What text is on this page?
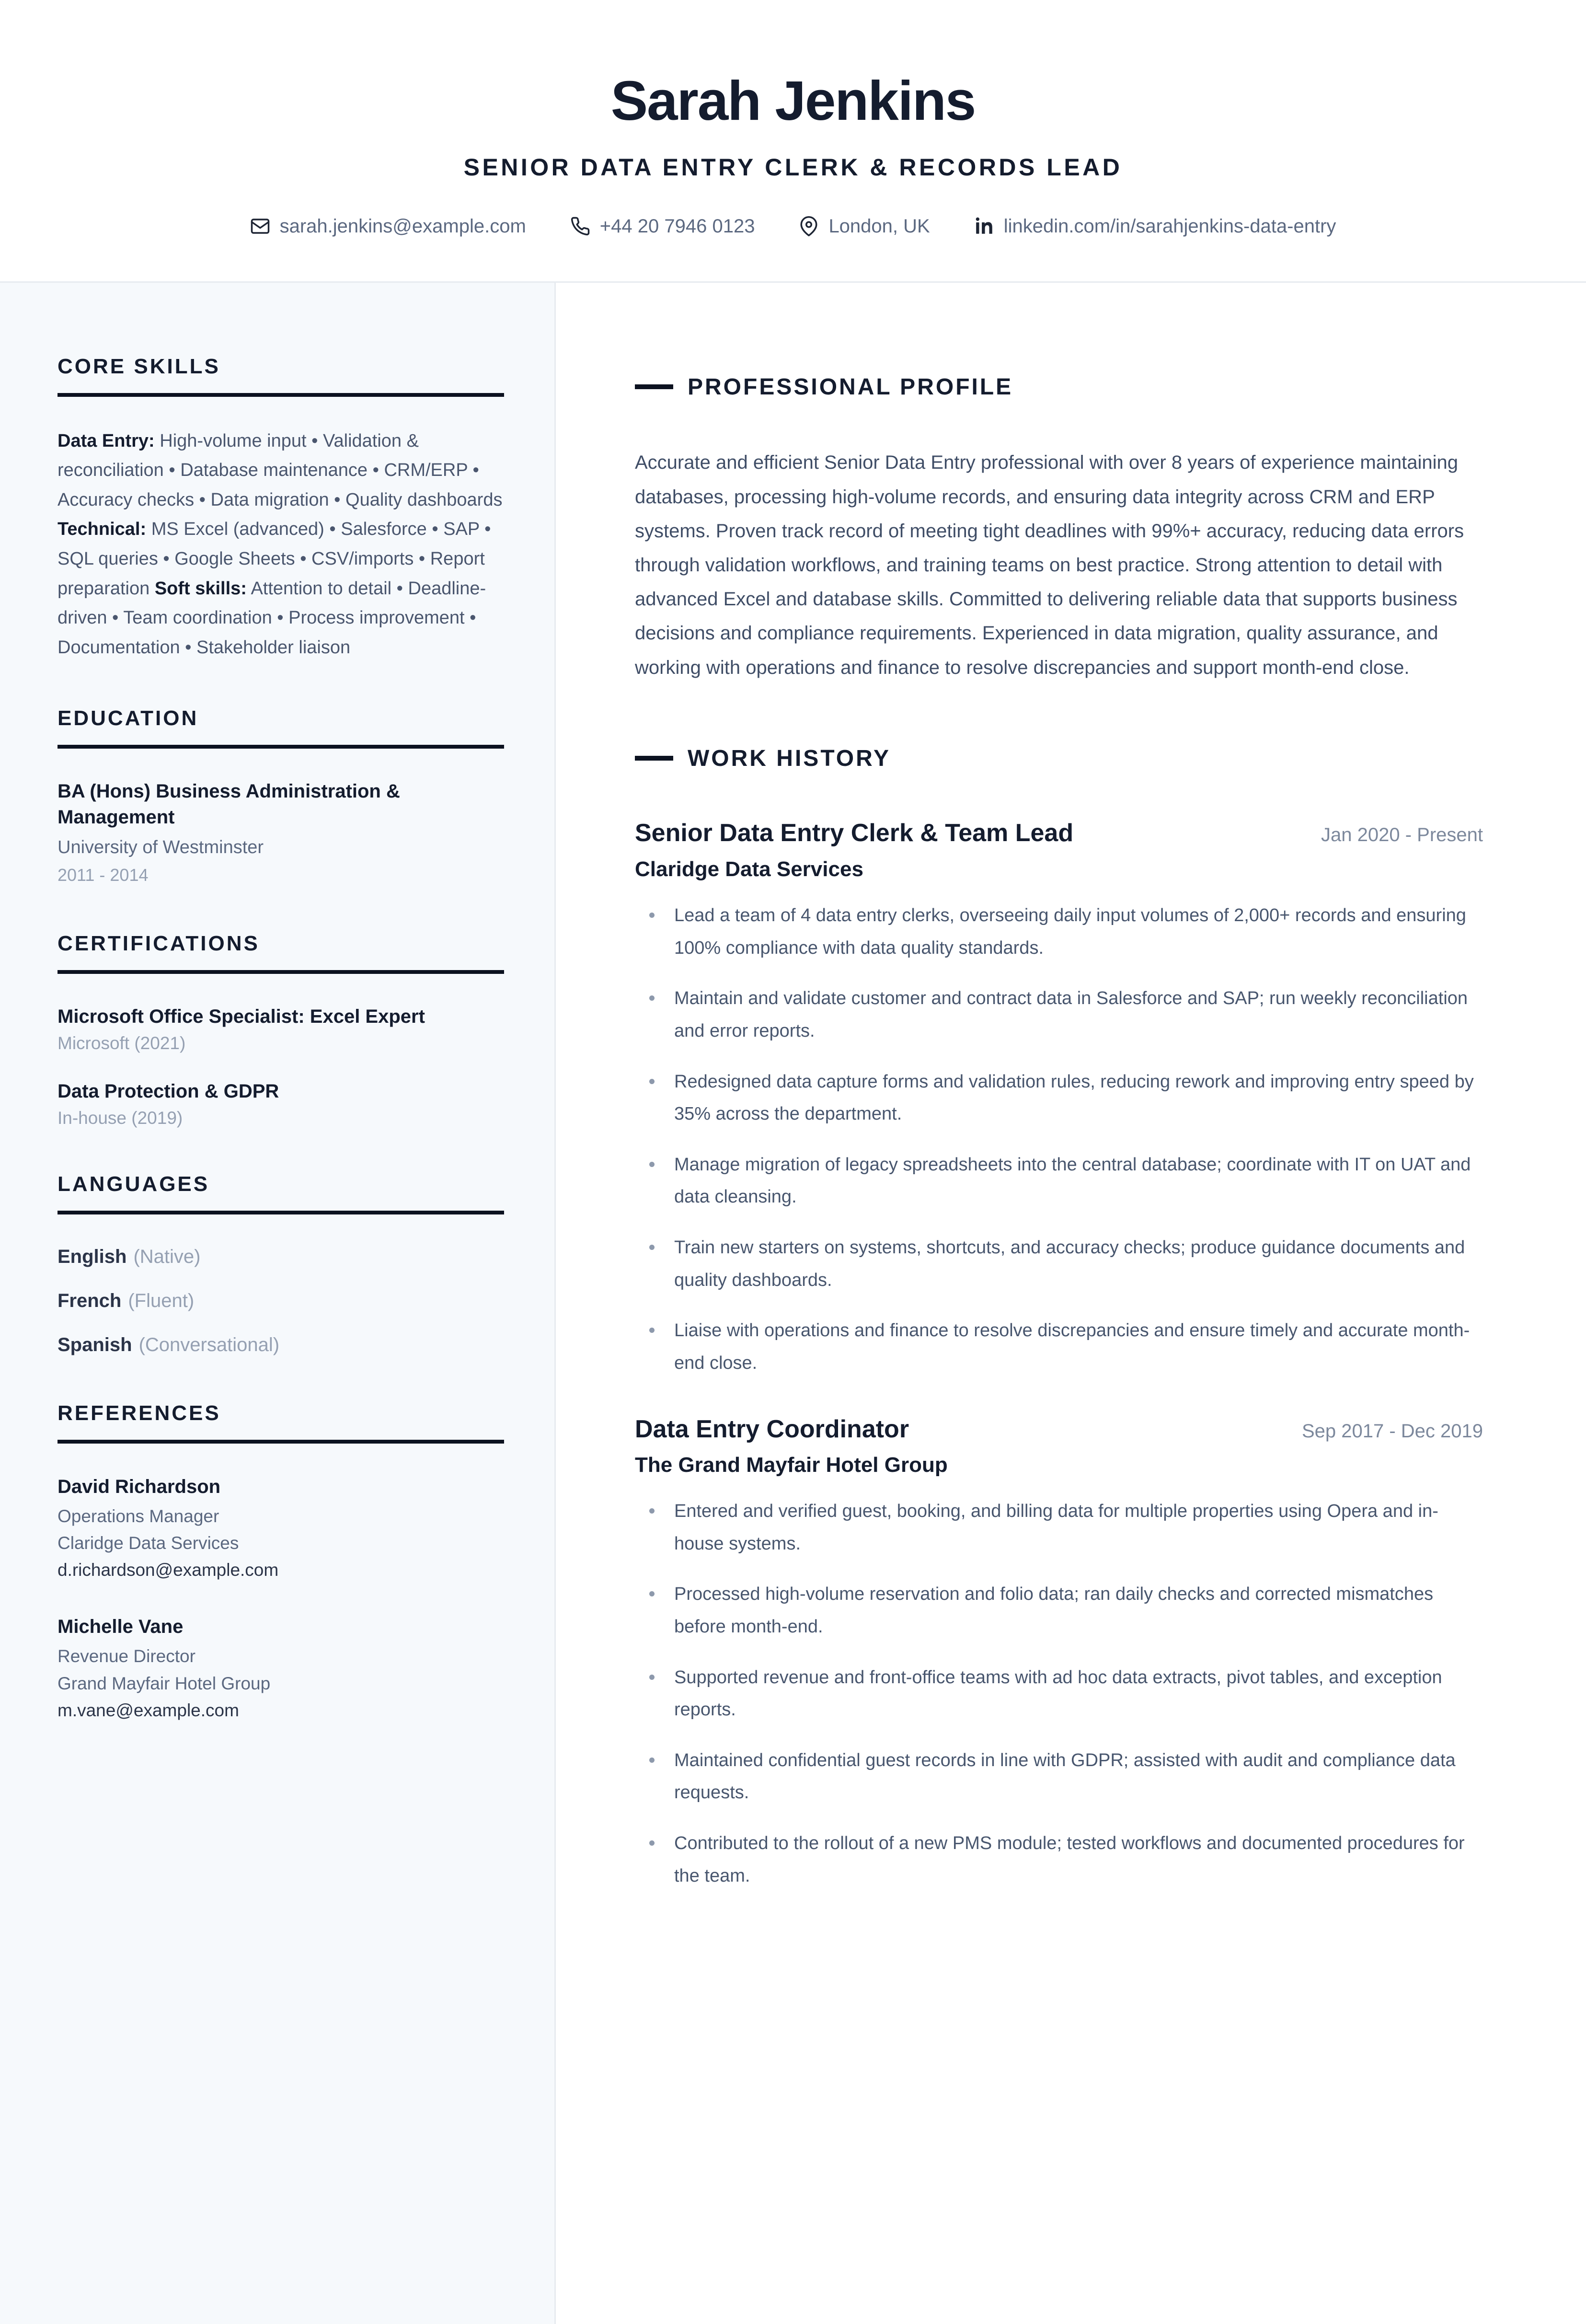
Sarah Jenkins
SENIOR DATA ENTRY CLERK & RECORDS LEAD
sarah.jenkins@example.com	+44 20 7946 0123	London, UK	linkedin.com/in/sarahjenkins-data-entry
CORE SKILLS
Data Entry: High-volume input • Validation & reconciliation • Database maintenance • CRM/ERP • Accuracy checks • Data migration • Quality dashboards Technical: MS Excel (advanced) • Salesforce • SAP • SQL queries • Google Sheets • CSV/imports • Report preparation Soft skills: Attention to detail • Deadline-driven • Team coordination • Process improvement • Documentation • Stakeholder liaison
EDUCATION
BA (Hons) Business Administration & Management
University of Westminster
2011 - 2014
CERTIFICATIONS
Microsoft Office Specialist: Excel Expert
Microsoft (2021)
Data Protection & GDPR
In-house (2019)
LANGUAGES
English (Native)
French (Fluent)
Spanish (Conversational)
REFERENCES
David Richardson
Operations Manager
Claridge Data Services
d.richardson@example.com
Michelle Vane
Revenue Director
Grand Mayfair Hotel Group
m.vane@example.com
PROFESSIONAL PROFILE

Accurate and efficient Senior Data Entry professional with over 8 years of experience maintaining databases, processing high-volume records, and ensuring data integrity across CRM and ERP systems. Proven track record of meeting tight deadlines with 99%+ accuracy, reducing data errors through validation workflows, and training teams on best practice. Strong attention to detail with advanced Excel and database skills. Committed to delivering reliable data that supports business decisions and compliance requirements. Experienced in data migration, quality assurance, and working with operations and finance to resolve discrepancies and support month-end close.

WORK HISTORY
Senior Data Entry Clerk & Team Lead	Jan 2020 - Present
Claridge Data Services
Lead a team of 4 data entry clerks, overseeing daily input volumes of 2,000+ records and ensuring 100% compliance with data quality standards.
Maintain and validate customer and contract data in Salesforce and SAP; run weekly reconciliation and error reports.
Redesigned data capture forms and validation rules, reducing rework and improving entry speed by 35% across the department.
Manage migration of legacy spreadsheets into the central database; coordinate with IT on UAT and data cleansing.
Train new starters on systems, shortcuts, and accuracy checks; produce guidance documents and quality dashboards.
Liaise with operations and finance to resolve discrepancies and ensure timely and accurate month-end close.
Data Entry Coordinator	Sep 2017 - Dec 2019
The Grand Mayfair Hotel Group
Entered and verified guest, booking, and billing data for multiple properties using Opera and in-house systems.
Processed high-volume reservation and folio data; ran daily checks and corrected mismatches before month-end.
Supported revenue and front-office teams with ad hoc data extracts, pivot tables, and exception reports.
Maintained confidential guest records in line with GDPR; assisted with audit and compliance data requests.
Contributed to the rollout of a new PMS module; tested workflows and documented procedures for the team.
